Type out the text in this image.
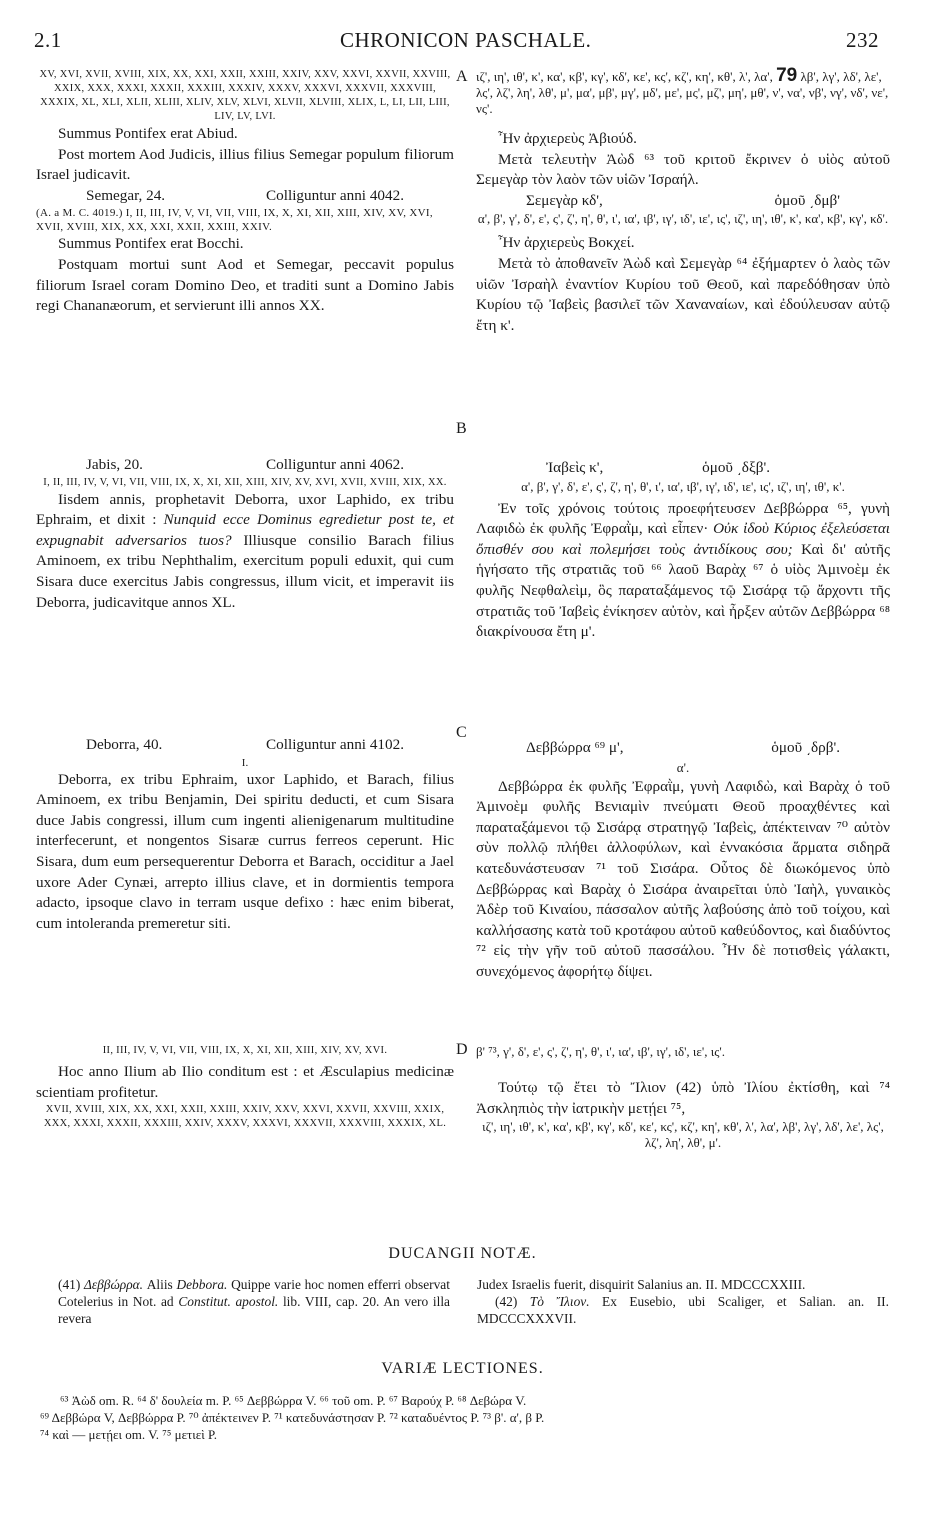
2.1	CHRONICON PASCHALE.	232
A
B
C
D
XV, XVI, XVII, XVIII, XIX, XX, XXI, XXII, XXIII, XXIV, XXV, XXVI, XXVII, XXVIII, XXIX, XXX, XXXI, XXXII, XXXIII, XXXIV, XXXV, XXXVI, XXXVII, XXXVIII, XXXIX, XL, XLI, XLII, XLIII, XLIV, XLV, XLVI, XLVII, XLVIII, XLIX, L, LI, LII, LIII, LIV, LV, LVI.

Summus Pontifex erat Abiud.

Post mortem Aod Judicis, illius filius Semegar populum filiorum Israel judicavit.

Semegar, 24.	Colliguntur anni 4042.
(A. a M. C. 4019.) I, II, III, IV, V, VI, VII, VIII, IX, X, XI, XII, XIII, XIV, XV, XVI, XVII, XVIII, XIX, XX, XXI, XXII, XXIII, XXIV.

Summus Pontifex erat Bocchi.

Postquam mortui sunt Aod et Semegar, peccavit populus filiorum Israel coram Domino Deo, et traditi sunt a Domino Jabis regi Chananæorum, et servierunt illi annos XX.

Jabis, 20.	Colliguntur anni 4062.
I, II, III, IV, V, VI, VII, VIII, IX, X, XI, XII, XIII, XIV, XV, XVI, XVII, XVIII, XIX, XX.

Iisdem annis, prophetavit Deborra, uxor Laphido, ex tribu Ephraim, et dixit : Nunquid ecce Dominus egredietur post te, et expugnabit adversarios tuos? Illiusque consilio Barach filius Aminoem, ex tribu Nephthalim, exercitum populi eduxit, qui cum Sisara duce exercitus Jabis congressus, illum vicit, et imperavit iis Deborra, judicavitque annos XL.

Deborra, 40.	Colliguntur anni 4102.
I.

Deborra, ex tribu Ephraim, uxor Laphido, et Barach, filius Aminoem, ex tribu Benjamin, Dei spiritu deducti, et cum Sisara duce Jabis congressi, illum cum ingenti alienigenarum multitudine interfecerunt, et nongentos Sisaræ currus ferreos ceperunt. Hic Sisara, dum eum persequerentur Deborra et Barach, occiditur a Jael uxore Ader Cynæi, arrepto illius clave, et in dormientis tempora adacto, ipsoque clavo in terram usque defixo : hæc enim biberat, cum intoleranda premeretur siti.

II, III, IV, V, VI, VII, VIII, IX, X, XI, XII, XIII, XIV, XV, XVI.

Hoc anno Ilium ab Ilio conditum est : et Æsculapius medicinæ scientiam profitetur.

XVII, XVIII, XIX, XX, XXI, XXII, XXIII, XXIV, XXV, XXVI, XXVII, XXVIII, XXIX, XXX, XXXI, XXXII, XXXIII, XXIV, XXXV, XXXVI, XXXVII, XXXVIII, XXXIX, XL.
ιζ', ιη', ιθ', κ', κα', κβ', κγ', κδ', κε', κς', κζ', κη', κθ', λ', λα', 79 λβ', λγ', λδ', λε', λς', λζ', λη', λθ', μ', μα', μβ', μγ', μδ', με', μς', μζ', μη', μθ', ν', να', νβ', νγ', νδ', νε', νς'.

Ἦν ἀρχιερεὺς Ἀβιούδ.

Μετὰ τελευτὴν Ἀὼδ ⁶³ τοῦ κριτοῦ ἔκρινεν ὁ υἱὸς αὐτοῦ Σεμεγὰρ τὸν λαὸν τῶν υἱῶν Ἰσραήλ.

Σεμεγὰρ κδ',	ὁμοῦ ͵δμβ'
α', β', γ', δ', ε', ς', ζ', η', θ', ι', ια', ιβ', ιγ', ιδ', ιε', ις', ιζ', ιη', ιθ', κ', κα', κβ', κγ', κδ'.

Ἦν ἀρχιερεὺς Βοκχεί.

Μετὰ τὸ ἀποθανεῖν Ἀὼδ καὶ Σεμεγὰρ ⁶⁴ ἐξήμαρτεν ὁ λαὸς τῶν υἱῶν Ἰσραὴλ ἐναντίον Κυρίου τοῦ Θεοῦ, καὶ παρεδόθησαν ὑπὸ Κυρίου τῷ Ἰαβεὶς βασιλεῖ τῶν Χαναναίων, καὶ ἐδούλευσαν αὐτῷ ἔτη κ'.

Ἰαβεὶς κ',	ὁμοῦ ͵δξβ'.
α', β', γ', δ', ε', ς', ζ', η', θ', ι', ια', ιβ', ιγ', ιδ', ιε', ις', ιζ', ιη', ιθ', κ'.

Ἐν τοῖς χρόνοις τούτοις προεφήτευσεν Δεββώρρα ⁶⁵, γυνὴ Λαφιδὼ ἐκ φυλῆς Ἐφραῒμ, καὶ εἶπεν· Οὐκ ἰδοὺ Κύριος ἐξελεύσεται ὄπισθέν σου καὶ πολεμήσει τοὺς ἀντιδίκους σου; Καὶ δι' αὐτῆς ἡγήσατο τῆς στρατιᾶς τοῦ ⁶⁶ λαοῦ Βαρὰχ ⁶⁷ ὁ υἱὸς Ἀμινοὲμ ἐκ φυλῆς Νεφθαλεὶμ, ὃς παραταξάμενος τῷ Σισάρᾳ τῷ ἄρχοντι τῆς στρατιᾶς τοῦ Ἰαβεὶς ἐνίκησεν αὐτὸν, καὶ ἦρξεν αὐτῶν Δεββώρρα ⁶⁸ διακρίνουσα ἔτη μ'.

Δεββώρρα ⁶⁹ μ',	ὁμοῦ ͵δρβ'.
α'.

Δεββώρρα ἐκ φυλῆς Ἐφραῒμ, γυνὴ Λαφιδὼ, καὶ Βαρὰχ ὁ τοῦ Ἀμινοὲμ φυλῆς Βενιαμὶν πνεύματι Θεοῦ προαχθέντες καὶ παραταξάμενοι τῷ Σισάρᾳ στρατηγῷ Ἰαβεὶς, ἀπέκτειναν ⁷⁰ αὐτὸν σὺν πολλῷ πλήθει ἀλλοφύλων, καὶ ἐννακόσια ἅρματα σιδηρᾶ κατεδυνάστευσαν ⁷¹ τοῦ Σισάρα. Οὗτος δὲ διωκόμενος ὑπὸ Δεββώρρας καὶ Βαρὰχ ὁ Σισάρα ἀναιρεῖται ὑπὸ Ἰαὴλ, γυναικὸς Ἀδὲρ τοῦ Κιναίου, πάσσαλον αὐτῆς λαβούσης ἀπὸ τοῦ τοίχου, καὶ καλλήσασης κατὰ τοῦ κροτάφου αὐτοῦ καθεύδοντος, καὶ διαδύντος ⁷² εἰς τὴν γῆν τοῦ αὐτοῦ πασσάλου. Ἦν δὲ ποτισθεὶς γάλακτι, συνεχόμενος ἀφορήτῳ δίψει.

β' ⁷³, γ', δ', ε', ς', ζ', η', θ', ι', ια', ιβ', ιγ', ιδ', ιε', ις'.

Τούτῳ τῷ ἔτει τὸ Ἴλιον (42) ὑπὸ Ἰλίου ἐκτίσθη, καὶ ⁷⁴ Ἀσκληπιὸς τὴν ἰατρικὴν μετῄει ⁷⁵,

ιζ', ιη', ιθ', κ', κα', κβ', κγ', κδ', κε', κς', κζ', κη', κθ', λ', λα', λβ', λγ', λδ', λε', λς', λζ', λη', λθ', μ'.
DUCANGII NOTÆ.
(41) Δεββώρρα. Aliis Debbora. Quippe varie hoc nomen efferri observat Cotelerius in Not. ad Constitut. apostol. lib. VIII, cap. 20. An vero illa revera
Judex Israelis fuerit, disquirit Salanius an. II. MDCCCXXIII.
(42) Τὸ Ἴλιον. Ex Eusebio, ubi Scaliger, et Salian. an. II. MDCCCXXXVII.
VARIÆ LECTIONES.
⁶³ Ἀὼδ om. R. ⁶⁴ δ' δουλεία m. P. ⁶⁵ Δεββώρρα V. ⁶⁶ τοῦ om. P. ⁶⁷ Βαρούχ P. ⁶⁸ Δεβώρα V.
⁶⁹ Δεββώρα V, Δεββώρρα P. ⁷⁰ ἀπέκτεινεν P. ⁷¹ κατεδυνάστησαν P. ⁷² καταδυέντος P. ⁷³ β'. α', β P.
⁷⁴ καὶ — μετῄει om. V. ⁷⁵ μετιεὶ P.
